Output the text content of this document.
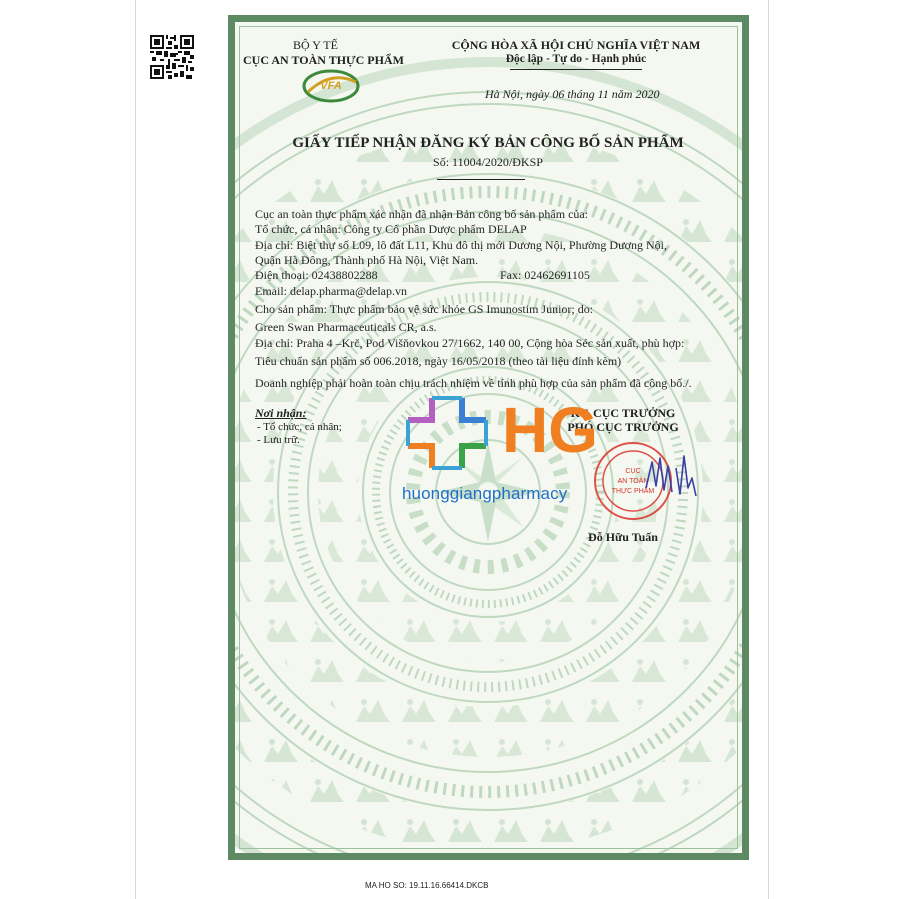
BỘ Y TẾ
CỤC AN TOÀN THỰC PHẨM
VFA
CỘNG HÒA XÃ HỘI CHỦ NGHĨA VIỆT NAM
Độc lập - Tự do - Hạnh phúc
Hà Nội, ngày 06 tháng 11 năm 2020
GIẤY TIẾP NHẬN ĐĂNG KÝ BẢN CÔNG BỐ SẢN PHẨM
Số: 11004/2020/ĐKSP
Cục an toàn thực phẩm xác nhận đã nhận Bản công bố sản phẩm của:
Tổ chức, cá nhân: Công ty Cổ phần Dược phẩm DELAP
Địa chỉ: Biệt thự số L09, lô đất L11, Khu đô thị mới Dương Nội, Phường Dương Nội,
Quận Hà Đông, Thành phố Hà Nội, Việt Nam.
Điện thoại: 02438802288	Fax: 02462691105
Email: delap.pharma@delap.vn
Cho sản phẩm: Thực phẩm bảo vệ sức khỏe GS Imunostim Junior; do:
Green Swan Pharmaceuticals CR, a.s.
Địa chỉ: Praha 4 –Krč, Pod Višňovkou 27/1662, 140 00, Cộng hòa Séc sản xuất, phù hợp:
Tiêu chuẩn sản phẩm số 006.2018, ngày 16/05/2018 (theo tài liệu đính kèm)
Doanh nghiệp phải hoàn toàn chịu trách nhiệm về tính phù hợp của sản phẩm đã công bố./.
Nơi nhận:
- Tổ chức, cá nhân;
- Lưu trữ.
KT. CỤC TRƯỞNG
PHÓ CỤC TRƯỞNG
CỤC
AN TOÀN
THỰC PHẨM
Đỗ Hữu Tuấn
HG
huonggiangpharmacy
MA HO SO: 19.11.16.66414.DKCB
